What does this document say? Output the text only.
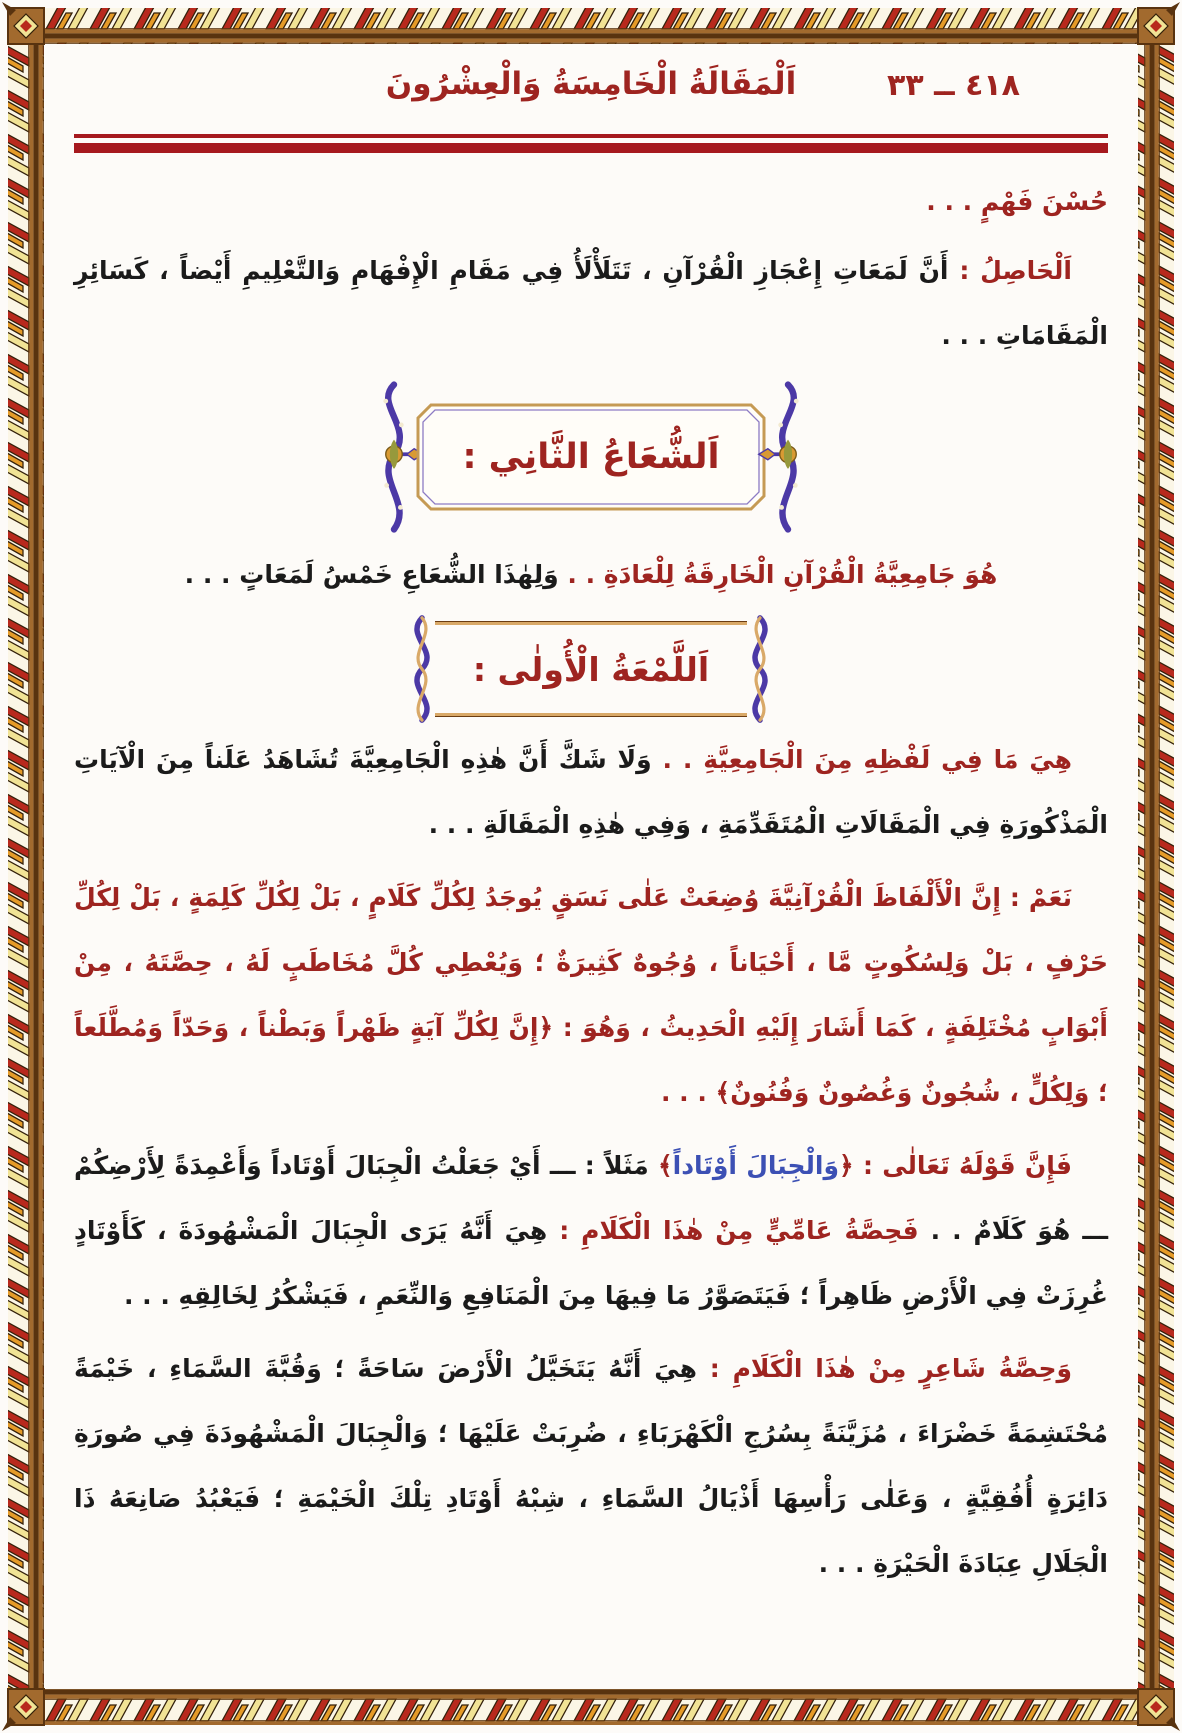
اَلْمَقَالَةُ الْخَامِسَةُ وَالْعِشْرُونَ	٤١٨ ــ ٣٣

حُسْنَ فَهْمٍ . . .

اَلْحَاصِلُ : أَنَّ لَمَعَاتِ إِعْجَازِ الْقُرْآنِ ، تَتَلَأْلَأُ فِي مَقَامِ الْإِفْهَامِ وَالتَّعْلِيمِ أَيْضاً ، كَسَائِرِ الْمَقَامَاتِ . . .

اَلشُّعَاعُ الثَّانِي :

هُوَ جَامِعِيَّةُ الْقُرْآنِ الْخَارِقَةُ لِلْعَادَةِ . . وَلِهٰذَا الشُّعَاعِ خَمْسُ لَمَعَاتٍ . . .

اَللَّمْعَةُ الْأُولٰى :

هِيَ مَا فِي لَفْظِهِ مِنَ الْجَامِعِيَّةِ . . وَلَا شَكَّ أَنَّ هٰذِهِ الْجَامِعِيَّةَ تُشَاهَدُ عَلَناً مِنَ الْآيَاتِ الْمَذْكُورَةِ فِي الْمَقَالَاتِ الْمُتَقَدِّمَةِ ، وَفِي هٰذِهِ الْمَقَالَةِ . . .

نَعَمْ : إِنَّ الْأَلْفَاظَ الْقُرْآنِيَّةَ وُضِعَتْ عَلٰى نَسَقٍ يُوجَدُ لِكُلِّ كَلَامٍ ، بَلْ لِكُلِّ كَلِمَةٍ ، بَلْ لِكُلِّ حَرْفٍ ، بَلْ وَلِسُكُوتٍ مَّا ، أَحْيَاناً ، وُجُوهٌ كَثِيرَةٌ ؛ وَيُعْطِي كُلَّ مُخَاطَبٍ لَهُ ، حِصَّتَهُ ، مِنْ أَبْوَابٍ مُخْتَلِفَةٍ ، كَمَا أَشَارَ إِلَيْهِ الْحَدِيثُ ، وَهُوَ : ﴿إِنَّ لِكُلِّ آيَةٍ ظَهْراً وَبَطْناً ، وَحَدّاً وَمُطَّلَعاً ؛ وَلِكُلٍّ ، شُجُونٌ وَغُصُونٌ وَفُنُونٌ﴾ . . .

فَإِنَّ قَوْلَهُ تَعَالٰى : ﴿وَالْجِبَالَ أَوْتَاداً﴾ مَثَلاً : ـــ أَيْ جَعَلْتُ الْجِبَالَ أَوْتَاداً وَأَعْمِدَةً لِأَرْضِكُمْ ـــ هُوَ كَلَامٌ . . فَحِصَّةُ عَامِّيٍّ مِنْ هٰذَا الْكَلَامِ : هِيَ أَنَّهُ يَرَى الْجِبَالَ الْمَشْهُودَةَ ، كَأَوْتَادٍ غُرِزَتْ فِي الْأَرْضِ ظَاهِراً ؛ فَيَتَصَوَّرُ مَا فِيهَا مِنَ الْمَنَافِعِ وَالنِّعَمِ ، فَيَشْكُرُ لِخَالِقِهِ . . .

وَحِصَّةُ شَاعِرٍ مِنْ هٰذَا الْكَلَامِ : هِيَ أَنَّهُ يَتَخَيَّلُ الْأَرْضَ سَاحَةً ؛ وَقُبَّةَ السَّمَاءِ ، خَيْمَةً مُحْتَشِمَةً خَضْرَاءَ ، مُزَيَّنَةً بِسُرُجِ الْكَهْرَبَاءِ ، ضُرِبَتْ عَلَيْهَا ؛ وَالْجِبَالَ الْمَشْهُودَةَ فِي صُورَةِ دَائِرَةٍ أُفُقِيَّةٍ ، وَعَلٰى رَأْسِهَا أَذْيَالُ السَّمَاءِ ، شِبْهُ أَوْتَادِ تِلْكَ الْخَيْمَةِ ؛ فَيَعْبُدُ صَانِعَهُ ذَا الْجَلَالِ عِبَادَةَ الْحَيْرَةِ . . .
